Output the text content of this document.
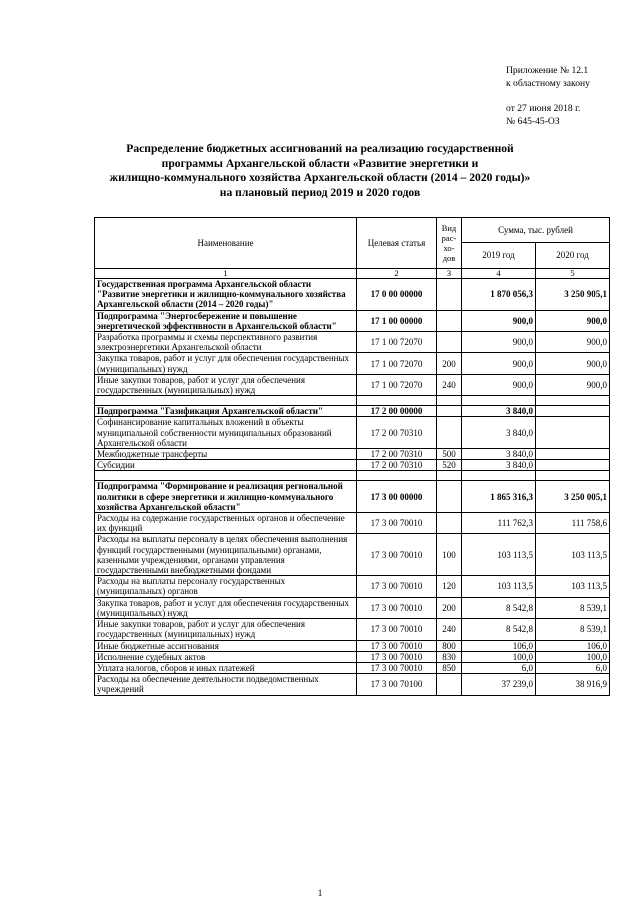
Приложение № 12.1
к областному закону
от 27 июня 2018 г.
№ 645-45-ОЗ
Распределение бюджетных ассигнований на реализацию государственной
программы Архангельской области «Развитие энергетики и
жилищно-коммунального хозяйства Архангельской области (2014 – 2020 годы)»
на плановый период 2019 и 2020 годов
Наименование	Целевая статья	Вид рас-хо-дов	Сумма, тыс. рублей	
			2019 год	2020 год
1	2	3	4	5
Государственная программа Архангельской области "Развитие энергетики и жилищно-коммунального хозяйства Архангельской области (2014 – 2020 годы)"	17 0 00 00000		1 870 056,3	3 250 905,1
Подпрограмма "Энергосбережение и повышение энергетической эффективности в Архангельской области"	17 1 00 00000		900,0	900,0
Разработка программы и схемы перспективного развития электроэнергетики Архангельской области	17 1 00 72070		900,0	900,0
Закупка товаров, работ и услуг для обеспечения государственных (муниципальных) нужд	17 1 00 72070	200	900,0	900,0
Иные закупки товаров, работ и услуг для обеспечения государственных (муниципальных) нужд	17 1 00 72070	240	900,0	900,0

Подпрограмма "Газификация Архангельской области"	17 2 00 00000		3 840,0	
Софинансирование капитальных вложений в объекты муниципальной собственности муниципальных образований Архангельской области	17 2 00 70310		3 840,0	
Межбюджетные трансферты	17 2 00 70310	500	3 840,0	
Субсидии	17 2 00 70310	520	3 840,0	

Подпрограмма "Формирование и реализация региональной политики в сфере энергетики и жилищно-коммунального хозяйства Архангельской области"	17 3 00 00000		1 865 316,3	3 250 005,1
Расходы на содержание государственных органов и обеспечение их функций	17 3 00 70010		111 762,3	111 758,6
Расходы на выплаты персоналу в целях обеспечения выполнения функций государственными (муниципальными) органами, казенными учреждениями, органами управления государственными внебюджетными фондами	17 3 00 70010	100	103 113,5	103 113,5
Расходы на выплаты персоналу государственных (муниципальных) органов	17 3 00 70010	120	103 113,5	103 113,5
Закупка товаров, работ и услуг для обеспечения государственных (муниципальных) нужд	17 3 00 70010	200	8 542,8	8 539,1
Иные закупки товаров, работ и услуг для обеспечения государственных (муниципальных) нужд	17 3 00 70010	240	8 542,8	8 539,1
Иные бюджетные ассигнования	17 3 00 70010	800	106,0	106,0
Исполнение судебных актов	17 3 00 70010	830	100,0	100,0
Уплата налогов, сборов и иных платежей	17 3 00 70010	850	6,0	6,0
Расходы на обеспечение деятельности подведомственных учреждений	17 3 00 70100		37 239,0	38 916,9
1
